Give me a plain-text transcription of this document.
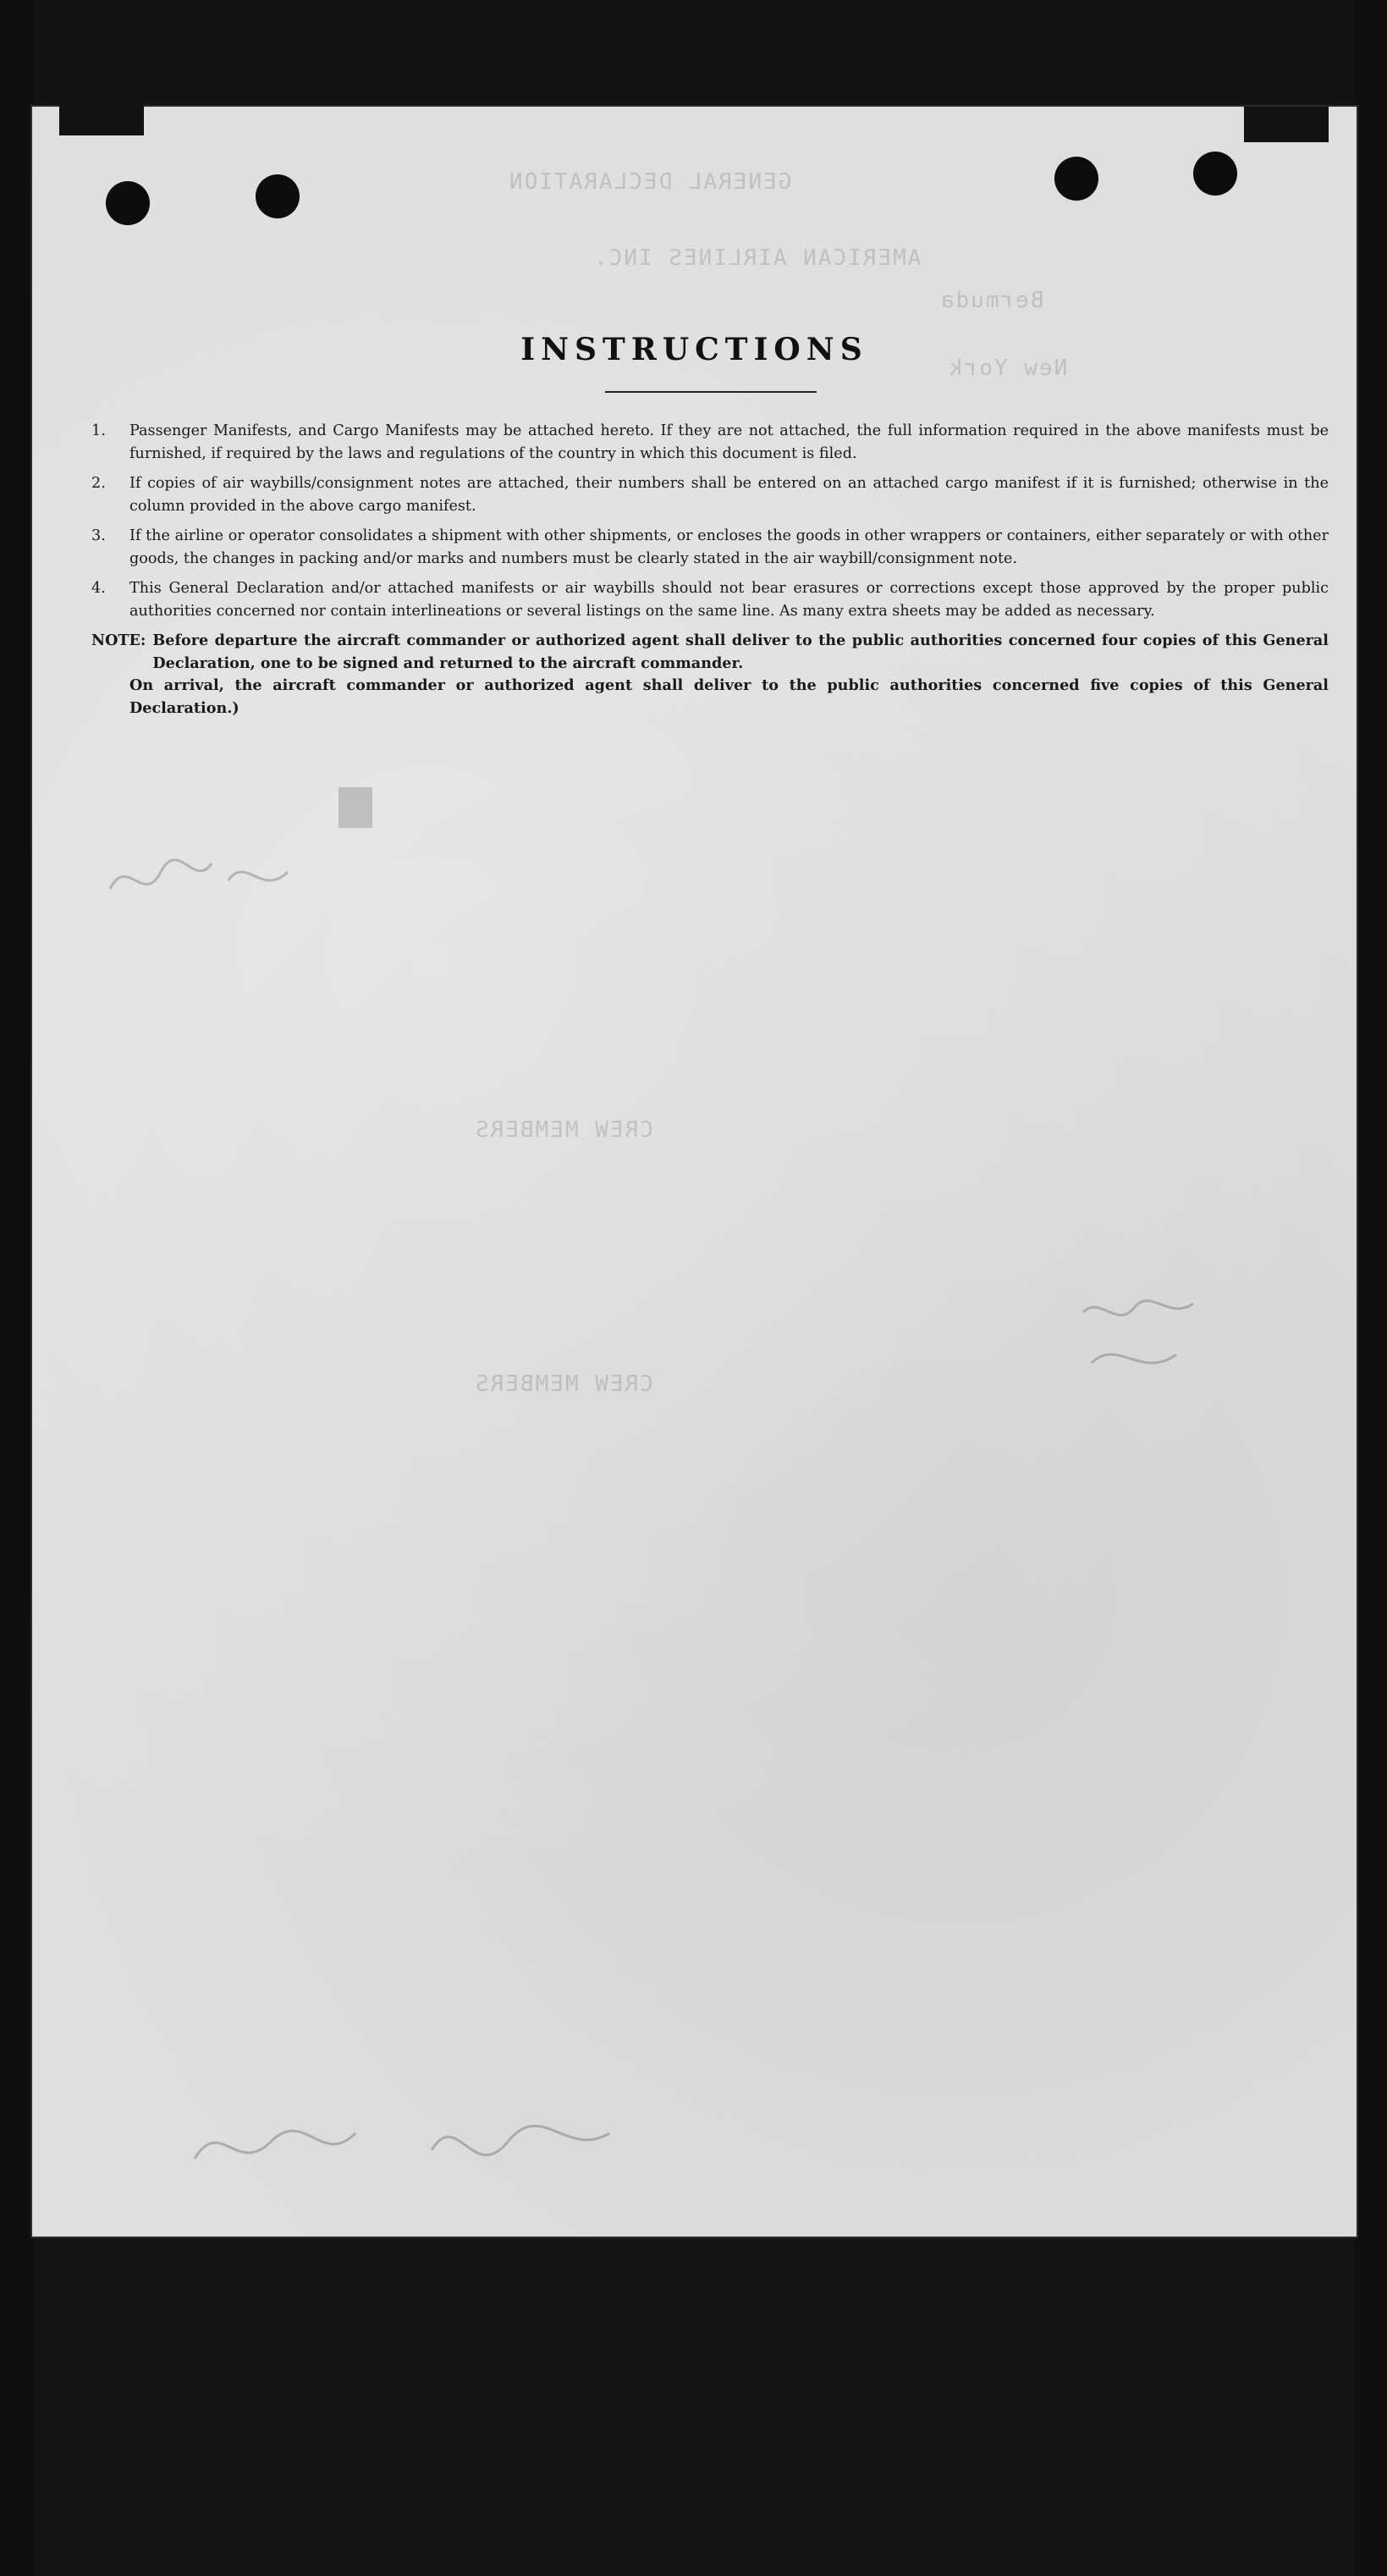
GENERAL DECLARATION
AMERICAN AIRLINES INC.
Bermuda
New York
CREW MEMBERS
CREW MEMBERS
INSTRUCTIONS
1.	Passenger Manifests, and Cargo Manifests may be attached hereto. If they are not attached, the full information required in the above manifests must be furnished, if required by the laws and regulations of the country in which this document is filed.
2.	If copies of air waybills/consignment notes are attached, their numbers shall be entered on an attached cargo manifest if it is furnished; otherwise in the column provided in the above cargo manifest.
3.	If the airline or operator consolidates a shipment with other shipments, or encloses the goods in other wrappers or containers, either separately or with other goods, the changes in packing and/or marks and numbers must be clearly stated in the air waybill/consignment note.
4.	This General Declaration and/or attached manifests or air waybills should not bear erasures or corrections except those approved by the proper public authorities concerned nor contain interlineations or several listings on the same line. As many extra sheets may be added as necessary.
NOTE: Before departure the aircraft commander or authorized agent shall deliver to the public authorities concerned four copies of this General Declaration, one to be signed and returned to the aircraft commander.
On arrival, the aircraft commander or authorized agent shall deliver to the public authorities concerned five copies of this General Declaration.)
